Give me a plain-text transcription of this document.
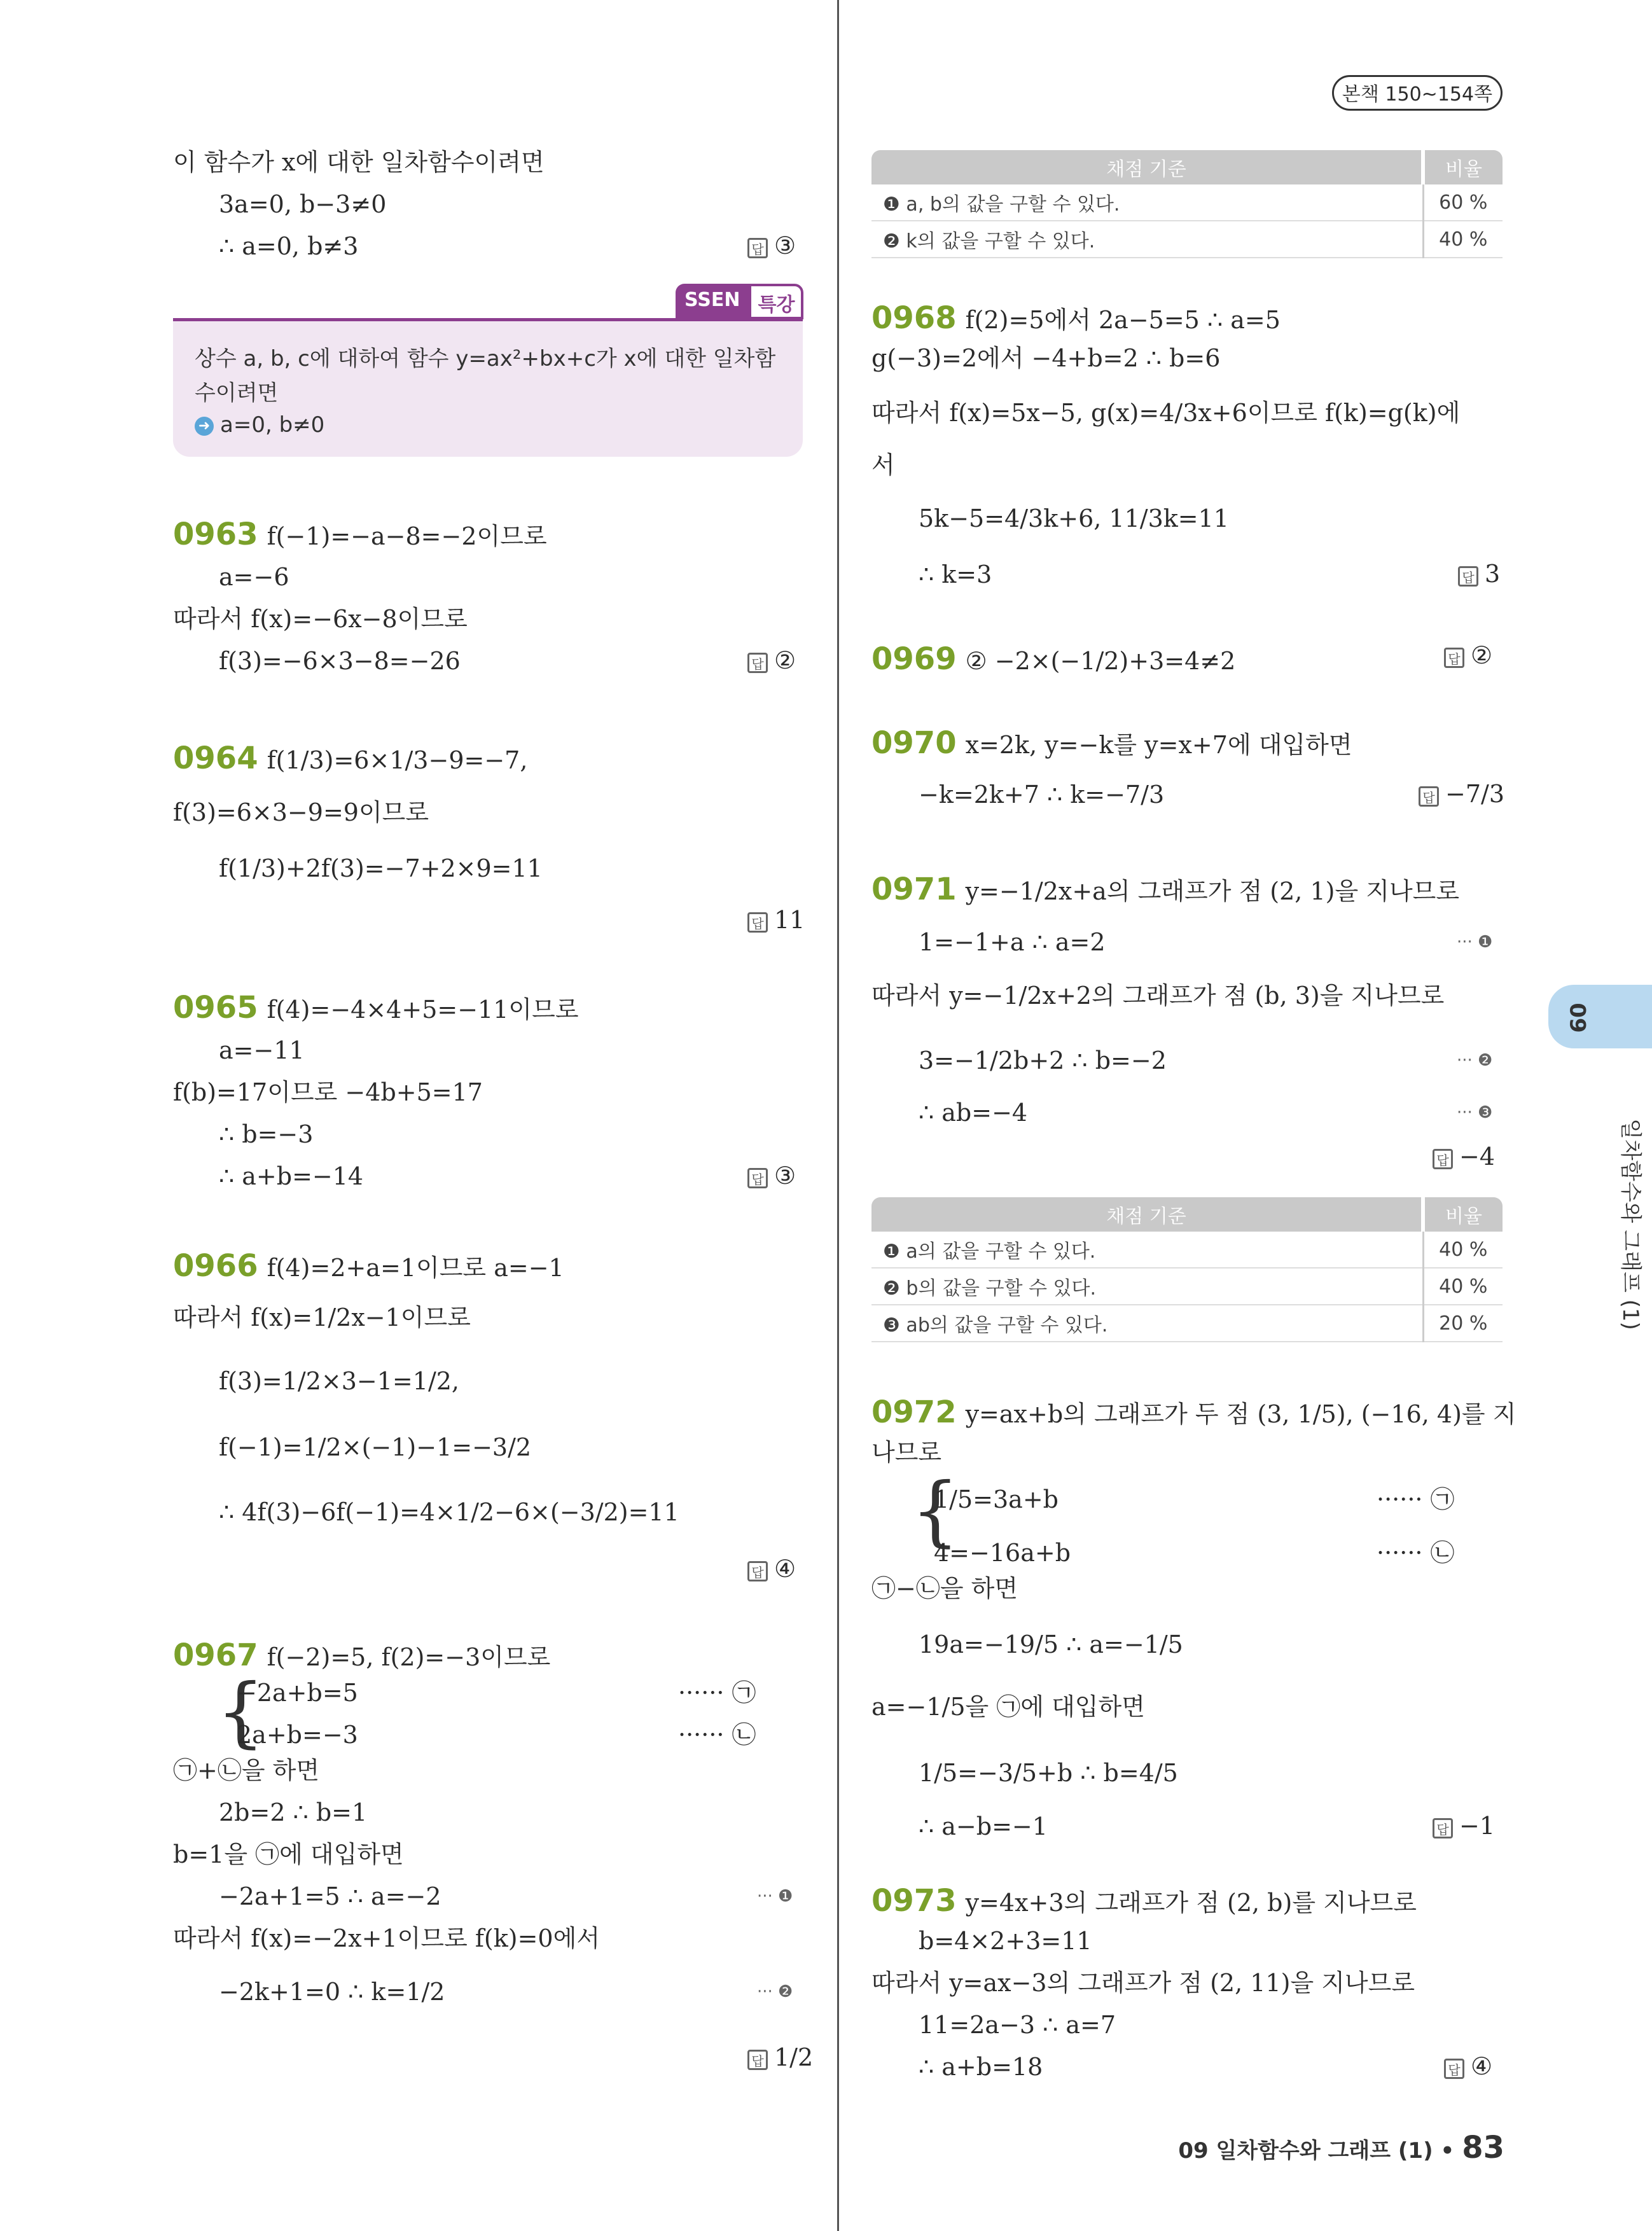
본책 150~154쪽
이 함수가 x에 대한 일차함수이려면
3a=0, b−3≠0
∴ a=0, b≠3	답 ③
SSEN 특강
상수 a, b, c에 대하여 함수 y=ax²+bx+c가 x에 대한 일차함
수이려면
➜ a=0, b≠0
0963 f(−1)=−a−8=−2이므로
a=−6
따라서 f(x)=−6x−8이므로
f(3)=−6×3−8=−26	답 ②
0964 f(1/3)=6×1/3−9=−7,
f(3)=6×3−9=9이므로
f(1/3)+2f(3)=−7+2×9=11
답 11
0965 f(4)=−4×4+5=−11이므로
a=−11
f(b)=17이므로 −4b+5=17
∴ b=−3
∴ a+b=−14	답 ③
0966 f(4)=2+a=1이므로 a=−1
따라서 f(x)=1/2x−1이므로
f(3)=1/2×3−1=1/2,
f(−1)=1/2×(−1)−1=−3/2
∴ 4f(3)−6f(−1)=4×1/2−6×(−3/2)=11
답 ④
0967 f(−2)=5, f(2)=−3이므로
{
−2a+b=5	······ ㉠
2a+b=−3	······ ㉡
㉠+㉡을 하면
2b=2 ∴ b=1
b=1을 ㉠에 대입하면
−2a+1=5 ∴ a=−2	··· ❶
따라서 f(x)=−2x+1이므로 f(k)=0에서
−2k+1=0 ∴ k=1/2	··· ❷
답 1/2
채점 기준	비율
❶ a, b의 값을 구할 수 있다.	60 %
❷ k의 값을 구할 수 있다.	40 %
0968 f(2)=5에서 2a−5=5 ∴ a=5
g(−3)=2에서 −4+b=2 ∴ b=6
따라서 f(x)=5x−5, g(x)=4/3x+6이므로 f(k)=g(k)에
서
5k−5=4/3k+6, 11/3k=11
∴ k=3	답 3
0969 ② −2×(−1/2)+3=4≠2	답 ②
0970 x=2k, y=−k를 y=x+7에 대입하면
−k=2k+7 ∴ k=−7/3	답 −7/3
0971 y=−1/2x+a의 그래프가 점 (2, 1)을 지나므로
1=−1+a ∴ a=2	··· ❶
따라서 y=−1/2x+2의 그래프가 점 (b, 3)을 지나므로
3=−1/2b+2 ∴ b=−2	··· ❷
∴ ab=−4	··· ❸
답 −4
채점 기준	비율
❶ a의 값을 구할 수 있다.	40 %
❷ b의 값을 구할 수 있다.	40 %
❸ ab의 값을 구할 수 있다.	20 %
0972 y=ax+b의 그래프가 두 점 (3, 1/5), (−16, 4)를 지
나므로
{
1/5=3a+b	······ ㉠
4=−16a+b	······ ㉡
㉠−㉡을 하면
19a=−19/5 ∴ a=−1/5
a=−1/5을 ㉠에 대입하면
1/5=−3/5+b ∴ b=4/5
∴ a−b=−1	답 −1
0973 y=4x+3의 그래프가 점 (2, b)를 지나므로
b=4×2+3=11
따라서 y=ax−3의 그래프가 점 (2, 11)을 지나므로
11=2a−3 ∴ a=7
∴ a+b=18	답 ④
09
일차함수와 그래프 (1)
09 일차함수와 그래프 (1) • 83
